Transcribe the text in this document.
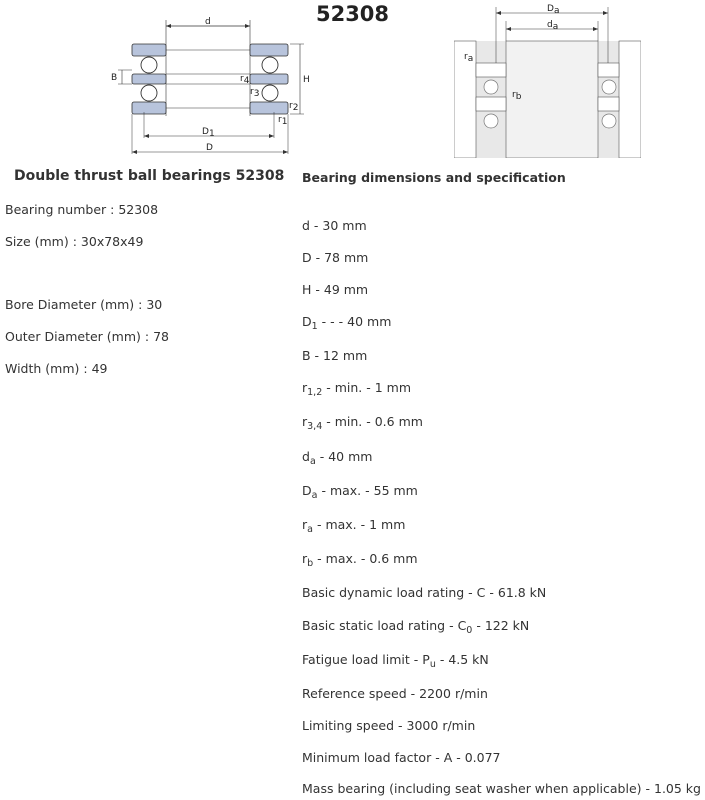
52308
d
B	H
r4
r3
r2
r1
D1
D
Da
da
ra
rb
Double thrust ball bearings 52308
Bearing number : 52308
Size (mm) : 30x78x49
Bore Diameter (mm) : 30
Outer Diameter (mm) : 78
Width (mm) : 49
Bearing dimensions and specification
d - 30 mm
D - 78 mm
H - 49 mm
$D_1$ - - - 40 mm
B - 12 mm
$r_{1,2}$ - min. - 1 mm
$r_{3,4}$ - min. - 0.6 mm
$d_a - 40$ mm
$D_a$ - max. - 55 mm
$r_a$ - max. - 1 mm
$r_b$ - max. - 0.6 mm
Basic dynamic load rating - C - 61.8 kN
Basic static load rating - $C_0 - 122$ kN
Fatigue load limit - $P_u - 4.5$ kN
Reference speed - 2200 r/min
Limiting speed - 3000 r/min
Minimum load factor - A - 0.077
Mass bearing (including seat washer when applicable) - 1.05 kg
